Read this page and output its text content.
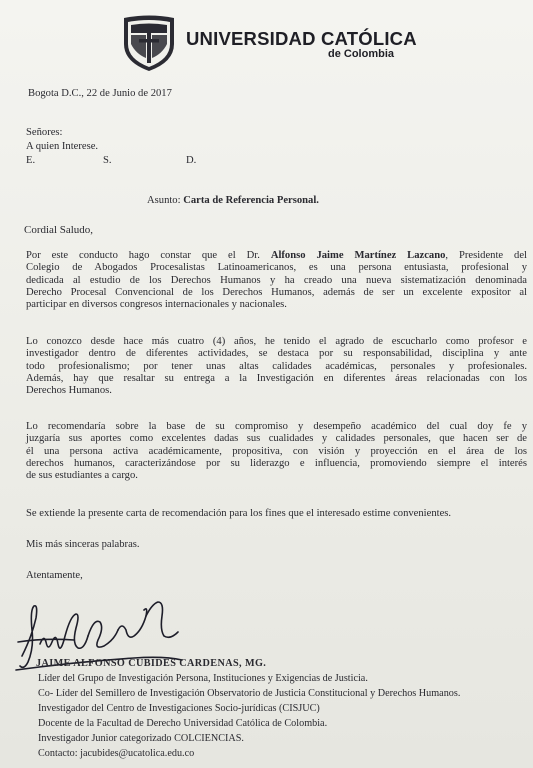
UNIVERSIDAD CATÓLICA
de Colombia
Bogota D.C., 22 de Junio de 2017
Señores:
A quien Interese.
E.	S.	D.
Asunto: Carta de Referencia Personal.
Cordial Saludo,
Por este conducto hago constar que el Dr. Alfonso Jaime Martínez Lazcano, Presidente del
Colegio de Abogados Procesalistas Latinoamericanos, es una persona entusiasta, profesional y
dedicada al estudio de los Derechos Humanos y ha creado una nueva sistematización denominada
Derecho Procesal Convencional de los Derechos Humanos, además de ser un excelente expositor al
participar en diversos congresos internacionales y nacionales.
Lo conozco desde hace más cuatro (4) años, he tenido el agrado de escucharlo como profesor e
investigador dentro de diferentes actividades, se destaca por su responsabilidad, disciplina y ante
todo profesionalismo; por tener unas altas calidades académicas, personales y profesionales.
Además, hay que resaltar su entrega a la Investigación en diferentes áreas relacionadas con los
Derechos Humanos.
Lo recomendaría sobre la base de su compromiso y desempeño académico del cual doy fe y
juzgaría sus aportes como excelentes dadas sus cualidades y calidades personales, que hacen ser de
él una persona activa académicamente, propositiva, con visión y proyección en el área de los
derechos humanos, caracterizándose por su liderazgo e influencia, promoviendo siempre el interés
de sus estudiantes a cargo.
Se extiende la presente carta de recomendación para los fines que el interesado estime convenientes.
Mis más sinceras palabras.
Atentamente,
JAIME ALFONSO CUBIDES CARDENAS, MG.
Líder del Grupo de Investigación Persona, Instituciones y Exigencias de Justicia.
Co- Líder del Semillero de Investigación Observatorio de Justicia Constitucional y Derechos Humanos.
Investigador del Centro de Investigaciones Socio-jurídicas (CISJUC)
Docente de la Facultad de Derecho Universidad Católica de Colombia.
Investigador Junior categorizado COLCIENCIAS.
Contacto: jacubides@ucatolica.edu.co
